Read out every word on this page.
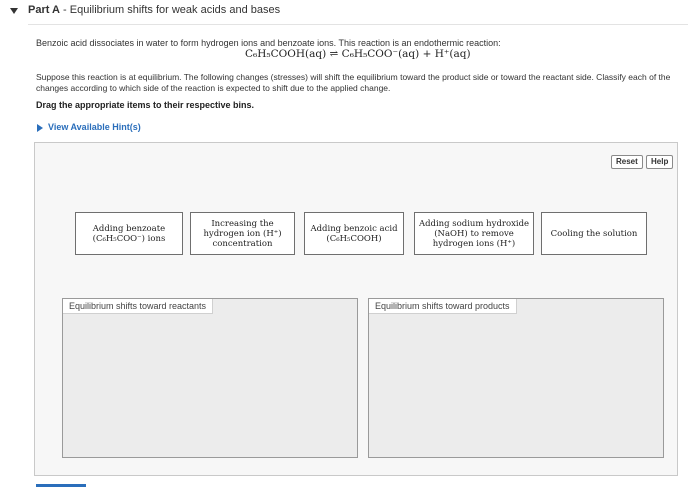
Part A - Equilibrium shifts for weak acids and bases
Benzoic acid dissociates in water to form hydrogen ions and benzoate ions. This reaction is an endothermic reaction:
C₆H₅COOH(aq) ⇌ C₆H₅COO⁻(aq) + H⁺(aq)
Suppose this reaction is at equilibrium. The following changes (stresses) will shift the equilibrium toward the product side or toward the reactant side. Classify each of the changes according to which side of the reaction is expected to shift due to the applied change.
Drag the appropriate items to their respective bins.
View Available Hint(s)
Reset	Help
Adding benzoate (C₆H₅COO⁻) ions
Increasing the hydrogen ion (H⁺) concentration
Adding benzoic acid (C₆H₅COOH)
Adding sodium hydroxide (NaOH) to remove hydrogen ions (H⁺)
Cooling the solution
Equilibrium shifts toward reactants	Equilibrium shifts toward products
